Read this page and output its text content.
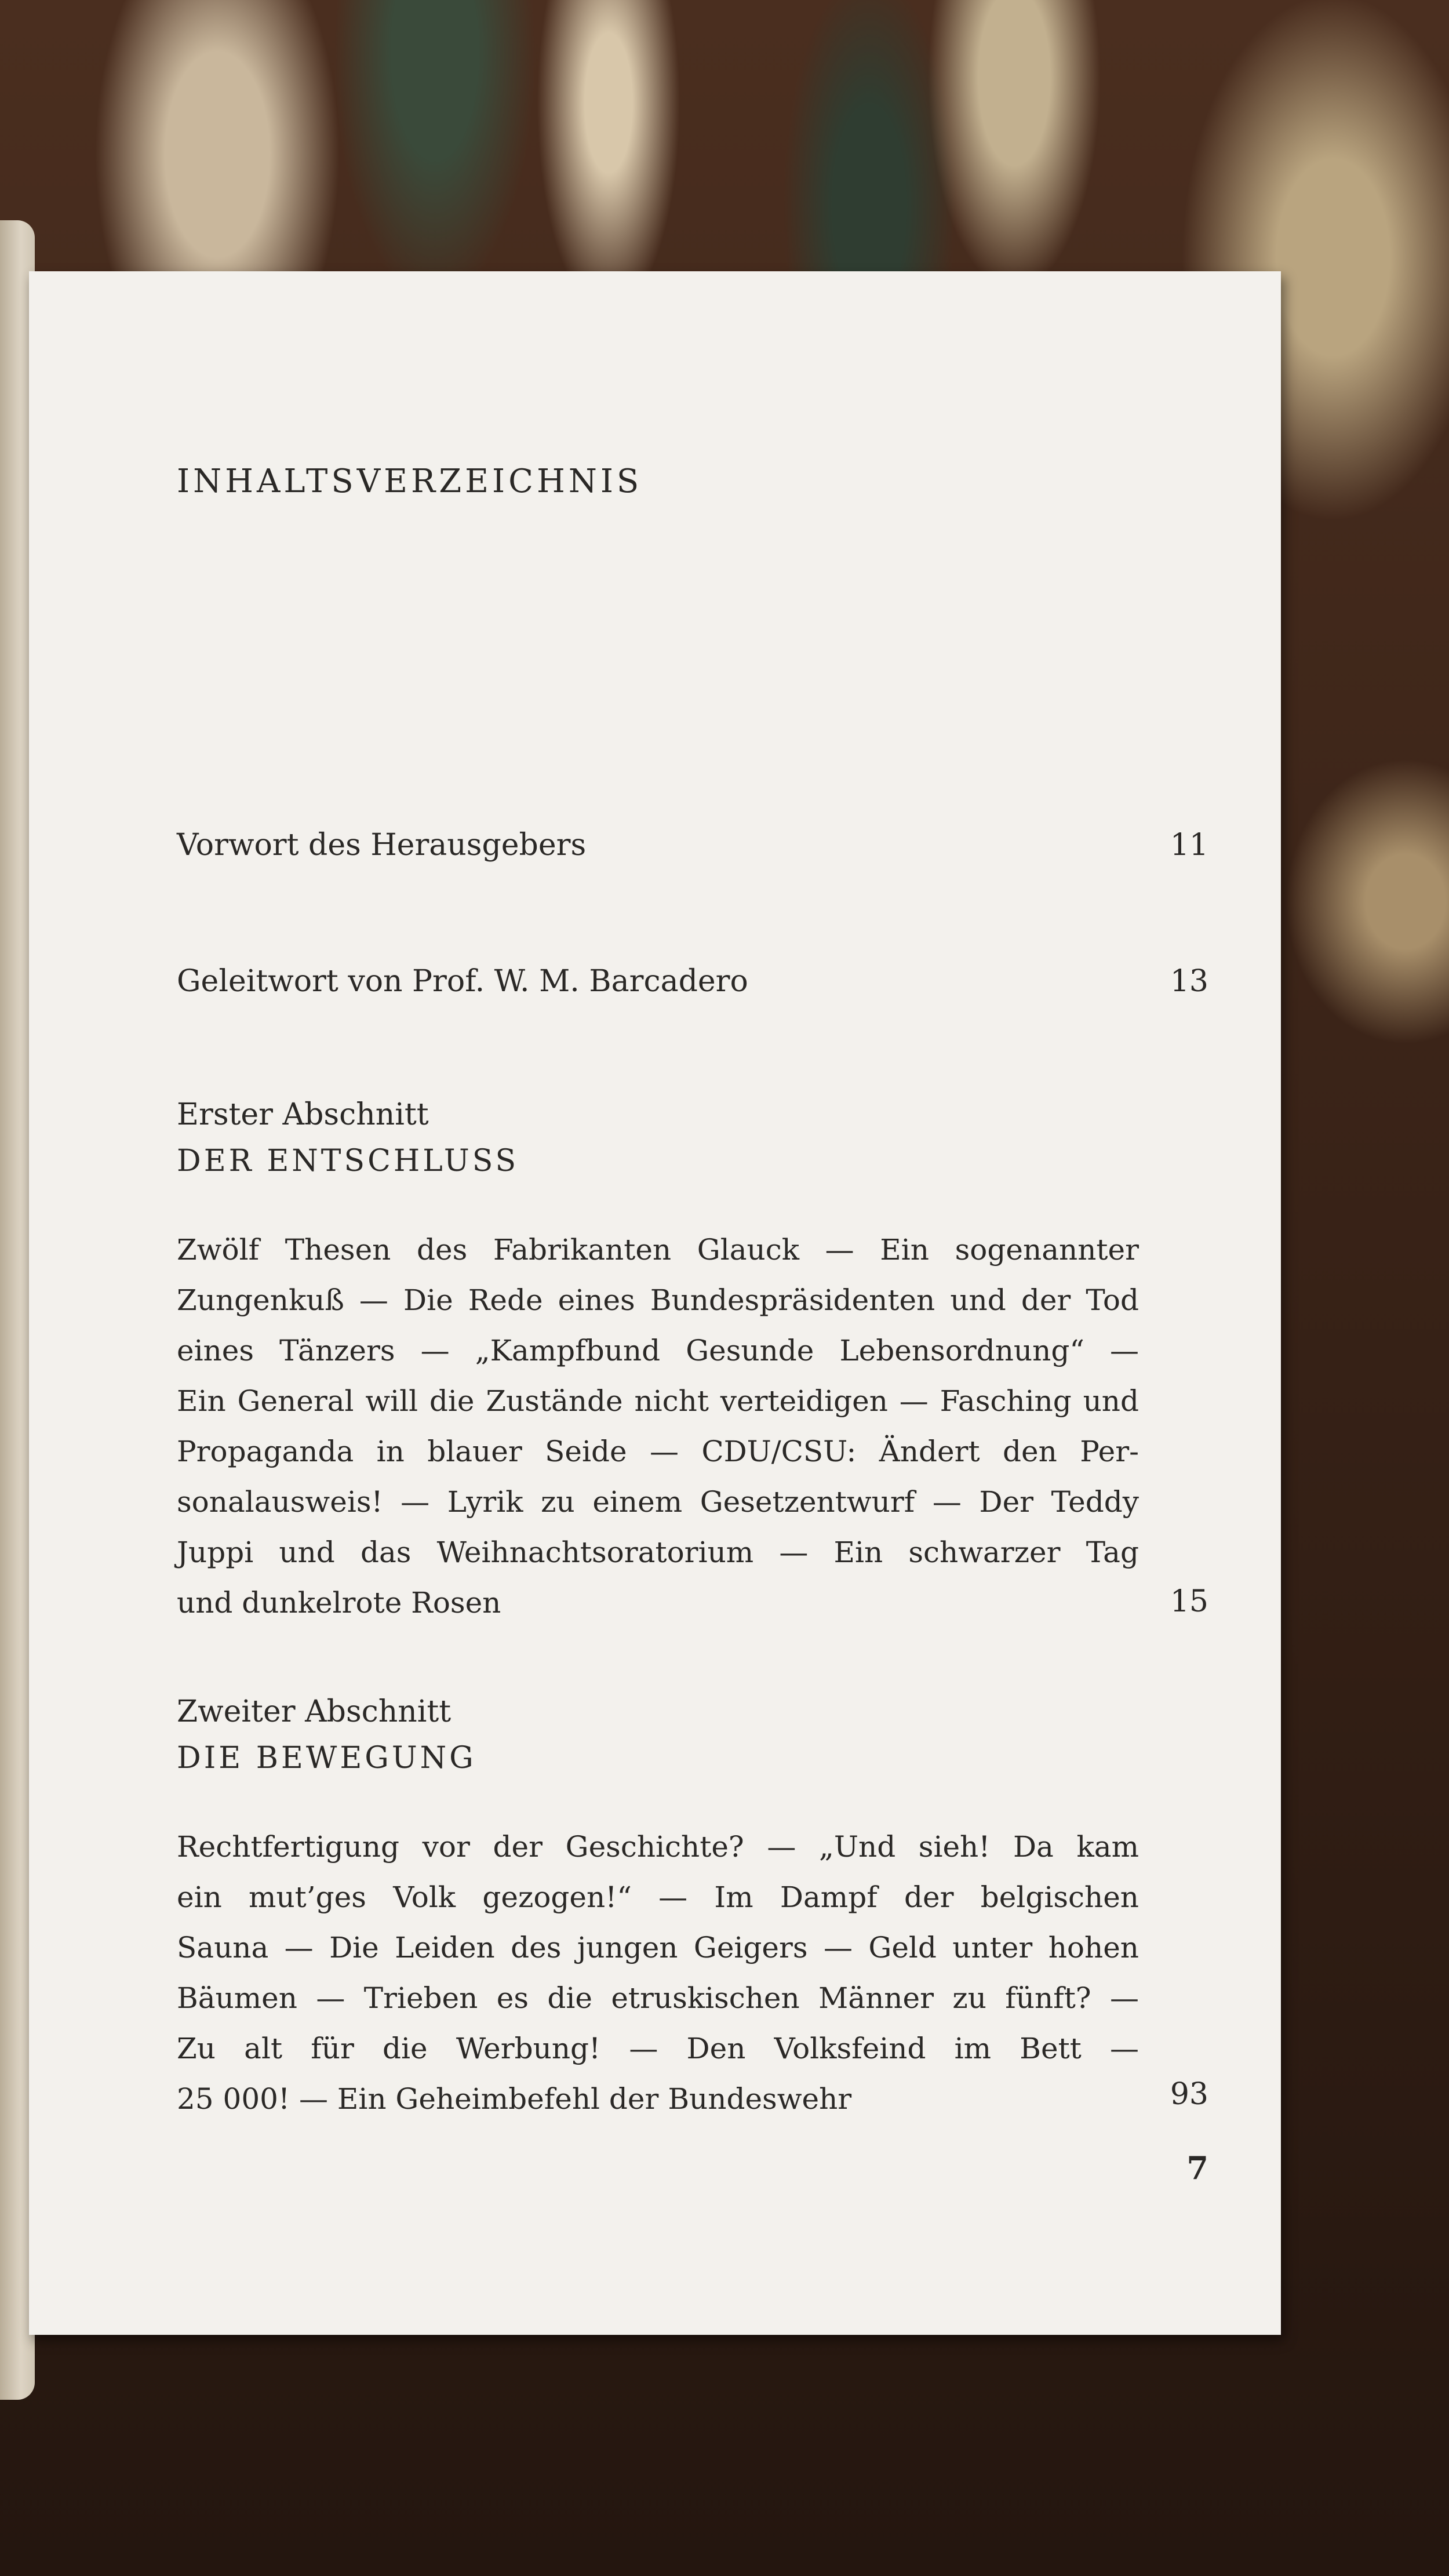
INHALTSVERZEICHNIS
Vorwort des Herausgebers	11
Geleitwort von Prof. W. M. Barcadero	13
Erster Abschnitt
DER ENTSCHLUSS
Zwölf Thesen des Fabrikanten Glauck — Ein sogenannter
Zungenkuß — Die Rede eines Bundespräsidenten und der Tod
eines Tänzers — „Kampfbund Gesunde Lebensordnung“ —
Ein General will die Zustände nicht verteidigen — Fasching und
Propaganda in blauer Seide — CDU/CSU: Ändert den Per-
sonalausweis! — Lyrik zu einem Gesetzentwurf — Der Teddy
Juppi und das Weihnachtsoratorium — Ein schwarzer Tag
und dunkelrote Rosen	15
Zweiter Abschnitt
DIE BEWEGUNG
Rechtfertigung vor der Geschichte? — „Und sieh! Da kam
ein mut’ges Volk gezogen!“ — Im Dampf der belgischen
Sauna — Die Leiden des jungen Geigers — Geld unter hohen
Bäumen — Trieben es die etruskischen Männer zu fünft? —
Zu alt für die Werbung! — Den Volksfeind im Bett —
25 000! — Ein Geheimbefehl der Bundeswehr	93
7
